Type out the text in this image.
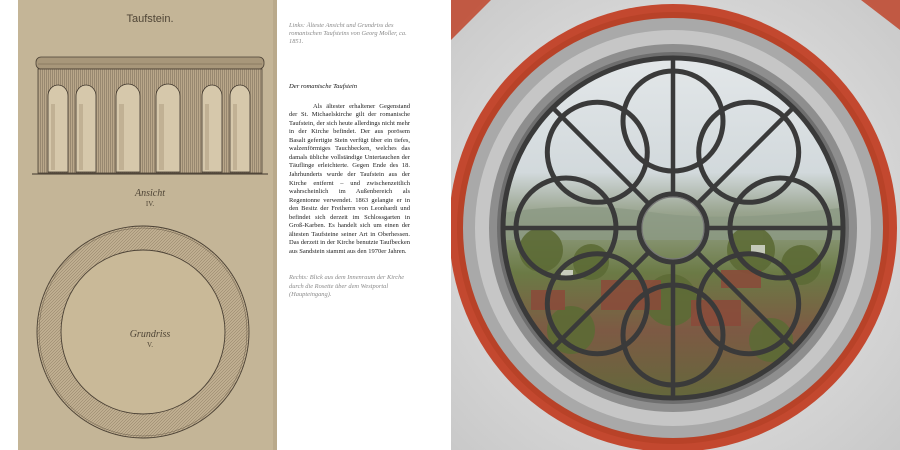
Taufstein.
Ansicht
IV.
Grundriss
V.

Links: Älteste Ansicht und Grundriss des romanischen Taufsteins von Georg Moller, ca. 1851.

Der romanische Taufstein

Als ältester erhaltener Gegenstand der St. Michaelskirche gilt der romanische Taufstein, der sich heute allerdings nicht mehr in der Kirche befindet. Der aus porösem Basalt gefertigte Stein verfügt über ein tiefes, walzenförmiges Tauchbecken, welches das damals übliche vollständige Untertauchen der Täuflinge erleichterte. Gegen Ende des 18. Jahrhunderts wurde der Taufstein aus der Kirche entfernt – und zwischenzeitlich wahrscheinlich im Außenbereich als Regentonne verwendet. 1863 gelangte er in den Besitz der Freiherrn von Leonhardi und befindet sich derzeit im Schlossgarten in Groß-Karben. Es handelt sich um einen der ältesten Taufsteine seiner Art in Oberhessen. Das derzeit in der Kirche benutzte Taufbecken aus Sandstein stammt aus den 1970er Jahren.

Rechts: Blick aus dem Innenraum der Kirche durch die Rosette über dem Westportal (Haupteingang).
